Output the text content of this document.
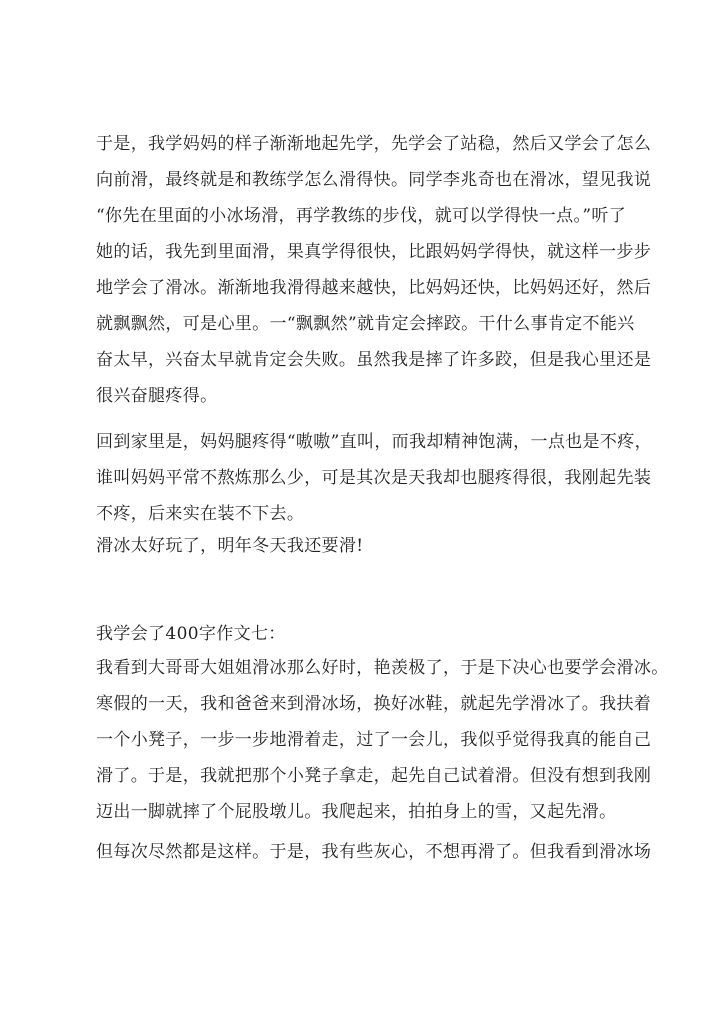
于是，我学妈妈的样子渐渐地起先学，先学会了站稳，然后又学会了怎么
向前滑，最终就是和教练学怎么滑得快。同学李兆奇也在滑冰，望见我说
“你先在里面的小冰场滑，再学教练的步伐，就可以学得快一点。”听了
她的话，我先到里面滑，果真学得很快，比跟妈妈学得快，就这样一步步
地学会了滑冰。渐渐地我滑得越来越快，比妈妈还快，比妈妈还好，然后
就飘飘然，可是心里。一“飘飘然”就肯定会摔跤。干什么事肯定不能兴
奋太早，兴奋太早就肯定会失败。虽然我是摔了许多跤，但是我心里还是
很兴奋腿疼得。
回到家里是，妈妈腿疼得“嗷嗷”直叫，而我却精神饱满，一点也是不疼，
谁叫妈妈平常不熬炼那么少，可是其次是天我却也腿疼得很，我刚起先装
不疼，后来实在装不下去。
滑冰太好玩了，明年冬天我还要滑!
我学会了400字作文七：
我看到大哥哥大姐姐滑冰那么好时，艳羡极了，于是下决心也要学会滑冰。
寒假的一天，我和爸爸来到滑冰场，换好冰鞋，就起先学滑冰了。我扶着
一个小凳子，一步一步地滑着走，过了一会儿，我似乎觉得我真的能自己
滑了。于是，我就把那个小凳子拿走，起先自己试着滑。但没有想到我刚
迈出一脚就摔了个屁股墩儿。我爬起来，拍拍身上的雪，又起先滑。
但每次尽然都是这样。于是，我有些灰心，不想再滑了。但我看到滑冰场
